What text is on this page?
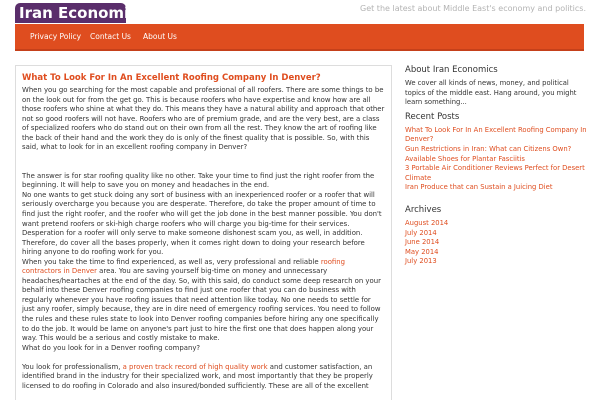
Iran Economics	Get the latest about Middle East's economy and politics.
Privacy Policy Contact Us About Us
What To Look For In An Excellent Roofing Company In Denver?

When you go searching for the most capable and professional of all roofers. There are some things to be on the look out for from the get go. This is because roofers who have expertise and know how are all those roofers who shine at what they do. This means they have a natural ability and approach that other not so good roofers will not have. Roofers who are of premium grade, and are the very best, are a class of specialized roofers who do stand out on their own from all the rest. They know the art of roofing like the back of their hand and the work they do is only of the finest quality that is possible. So, with this said, what to look for in an excellent roofing company in Denver?

The answer is for star roofing quality like no other. Take your time to find just the right roofer from the beginning. It will help to save you on money and headaches in the end.

No one wants to get stuck doing any sort of business with an inexperienced roofer or a roofer that will seriously overcharge you because you are desperate. Therefore, do take the proper amount of time to find just the right roofer, and the roofer who will get the job done in the best manner possible. You don't want pretend roofers or ski-high charge roofers who will charge you big-time for their services. Desperation for a roofer will only serve to make someone dishonest scam you, as well, in addition. Therefore, do cover all the bases properly, when it comes right down to doing your research before hiring anyone to do roofing work for you.

When you take the time to find experienced, as well as, very professional and reliable roofing contractors in Denver area. You are saving yourself big-time on money and unnecessary headaches/heartaches at the end of the day. So, with this said, do conduct some deep research on your behalf into these Denver roofing companies to find just one roofer that you can do business with regularly whenever you have roofing issues that need attention like today. No one needs to settle for just any roofer, simply because, they are in dire need of emergency roofing services. You need to follow the rules and these rules state to look into Denver roofing companies before hiring any one specifically to do the job. It would be lame on anyone's part just to hire the first one that does happen along your way. This would be a serious and costly mistake to make.

What do you look for in a Denver roofing company?

You look for professionalism, a proven track record of high quality work and customer satisfaction, an identified brand in the industry for their specialized work, and most importantly that they be properly licensed to do roofing in Colorado and also insured/bonded sufficiently. These are all of the excellent

About Iran Economics
We cover all kinds of news, money, and political topics of the middle east. Hang around, you might learn something...
Recent Posts
What To Look For In An Excellent Roofing Company In Denver?
Gun Restrictions in Iran: What can Citizens Own?
Available Shoes for Plantar Fasciitis
3 Portable Air Conditioner Reviews Perfect for Desert Climate
Iran Produce that can Sustain a Juicing Diet
Archives
August 2014
July 2014
June 2014
May 2014
July 2013
